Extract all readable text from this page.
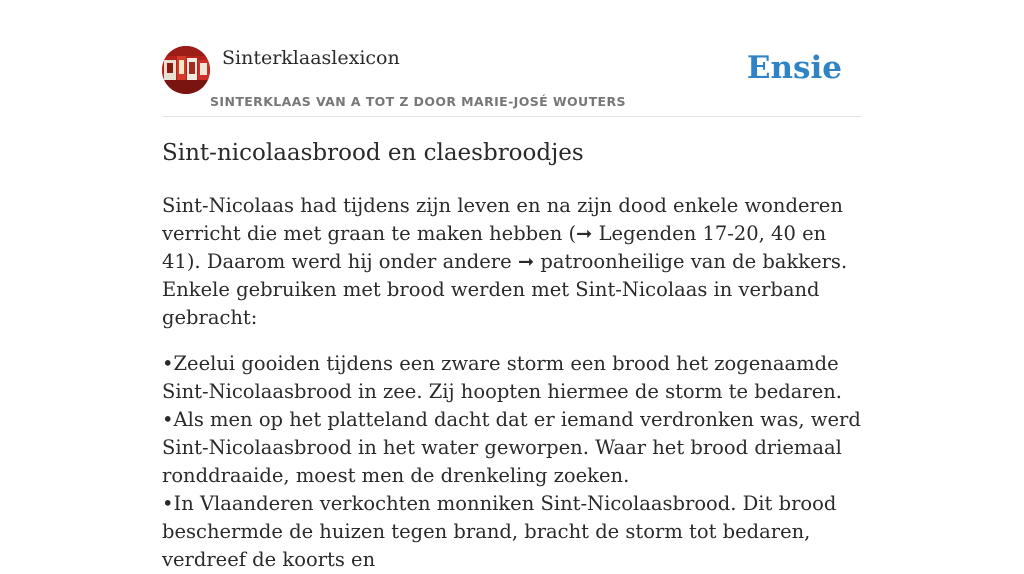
Sinterklaaslexicon
SINTERKLAAS VAN A TOT Z DOOR MARIE-JOSÉ WOUTERS
Ensie
Sint-nicolaasbrood en claesbroodjes

Sint-Nicolaas had tijdens zijn leven en na zijn dood enkele wonderen verricht die met graan te maken hebben (➞ Legenden 17-20, 40 en 41). Daarom werd hij onder andere ➞ patroonheilige van de bakkers. Enkele gebruiken met brood werden met Sint-Nicolaas in verband gebracht:

•Zeelui gooiden tijdens een zware storm een brood het zogenaamde Sint-Nicolaasbrood in zee. Zij hoopten hiermee de storm te bedaren.
•Als men op het platteland dacht dat er iemand verdronken was, werd Sint-Nicolaasbrood in het water geworpen. Waar het brood driemaal ronddraaide, moest men de drenkeling zoeken.
•In Vlaanderen verkochten monniken Sint-Nicolaasbrood. Dit brood beschermde de huizen tegen brand, bracht de storm tot bedaren, verdreef de koorts en
